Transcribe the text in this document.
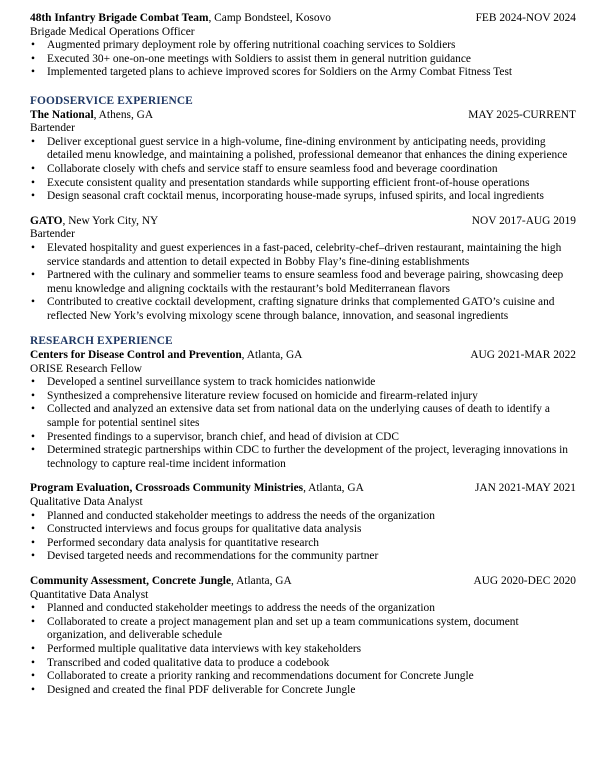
48th Infantry Brigade Combat Team, Camp Bondsteel, Kosovo	FEB 2024-NOV 2024
Brigade Medical Operations Officer
• Augmented primary deployment role by offering nutritional coaching services to Soldiers
• Executed 30+ one-on-one meetings with Soldiers to assist them in general nutrition guidance
• Implemented targeted plans to achieve improved scores for Soldiers on the Army Combat Fitness Test
FOODSERVICE EXPERIENCE
The National, Athens, GA	MAY 2025-CURRENT
Bartender
• Deliver exceptional guest service in a high-volume, fine-dining environment by anticipating needs, providing detailed menu knowledge, and maintaining a polished, professional demeanor that enhances the dining experience
• Collaborate closely with chefs and service staff to ensure seamless food and beverage coordination
• Execute consistent quality and presentation standards while supporting efficient front-of-house operations
• Design seasonal craft cocktail menus, incorporating house-made syrups, infused spirits, and local ingredients
GATO, New York City, NY	NOV 2017-AUG 2019
Bartender
• Elevated hospitality and guest experiences in a fast-paced, celebrity-chef–driven restaurant, maintaining the high service standards and attention to detail expected in Bobby Flay’s fine-dining establishments
• Partnered with the culinary and sommelier teams to ensure seamless food and beverage pairing, showcasing deep menu knowledge and aligning cocktails with the restaurant’s bold Mediterranean flavors
• Contributed to creative cocktail development, crafting signature drinks that complemented GATO’s cuisine and reflected New York’s evolving mixology scene through balance, innovation, and seasonal ingredients
RESEARCH EXPERIENCE
Centers for Disease Control and Prevention, Atlanta, GA	AUG 2021-MAR 2022
ORISE Research Fellow
• Developed a sentinel surveillance system to track homicides nationwide
• Synthesized a comprehensive literature review focused on homicide and firearm-related injury
• Collected and analyzed an extensive data set from national data on the underlying causes of death to identify a sample for potential sentinel sites
• Presented findings to a supervisor, branch chief, and head of division at CDC
• Determined strategic partnerships within CDC to further the development of the project, leveraging innovations in technology to capture real-time incident information
Program Evaluation, Crossroads Community Ministries, Atlanta, GA	JAN 2021-MAY 2021
Qualitative Data Analyst
• Planned and conducted stakeholder meetings to address the needs of the organization
• Constructed interviews and focus groups for qualitative data analysis
• Performed secondary data analysis for quantitative research
• Devised targeted needs and recommendations for the community partner
Community Assessment, Concrete Jungle, Atlanta, GA	AUG 2020-DEC 2020
Quantitative Data Analyst
• Planned and conducted stakeholder meetings to address the needs of the organization
• Collaborated to create a project management plan and set up a team communications system, document organization, and deliverable schedule
• Performed multiple qualitative data interviews with key stakeholders
• Transcribed and coded qualitative data to produce a codebook
• Collaborated to create a priority ranking and recommendations document for Concrete Jungle
• Designed and created the final PDF deliverable for Concrete Jungle
